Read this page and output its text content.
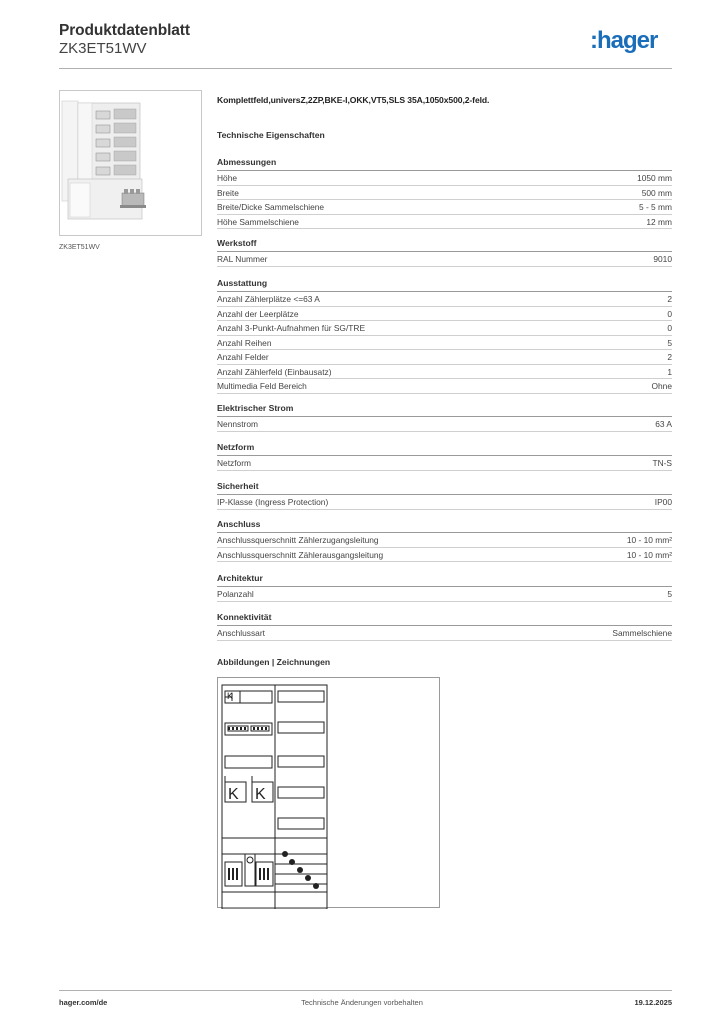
Produktdatenblatt
ZK3ET51WV	:hager
ZK3ET51WV
Komplettfeld,universZ,2ZP,BKE-I,OKK,VT5,SLS 35A,1050x500,2-feld.
Technische Eigenschaften
Abmessungen
Höhe	1050 mm
Breite	500 mm
Breite/Dicke Sammelschiene	5 - 5 mm
Höhe Sammelschiene	12 mm
Werkstoff
RAL Nummer	9010
Ausstattung
Anzahl Zählerplätze <=63 A	2
Anzahl der Leerplätze	0
Anzahl 3-Punkt-Aufnahmen für SG/TRE	0
Anzahl Reihen	5
Anzahl Felder	2
Anzahl Zählerfeld (Einbausatz)	1
Multimedia Feld Bereich	Ohne
Elektrischer Strom
Nennstrom	63 A
Netzform
Netzform	TN-S
Sicherheit
IP-Klasse (Ingress Protection)	IP00
Anschluss
Anschlussquerschnitt Zählerzugangsleitung	10 - 10 mm²
Anschlussquerschnitt Zählerausgangsleitung	10 - 10 mm²
Architektur
Polanzahl	5
Konnektivität
Anschlussart	Sammelschiene
Abbildungen | Zeichnungen
K
K K
hager.com/de	Technische Änderungen vorbehalten	19.12.2025
